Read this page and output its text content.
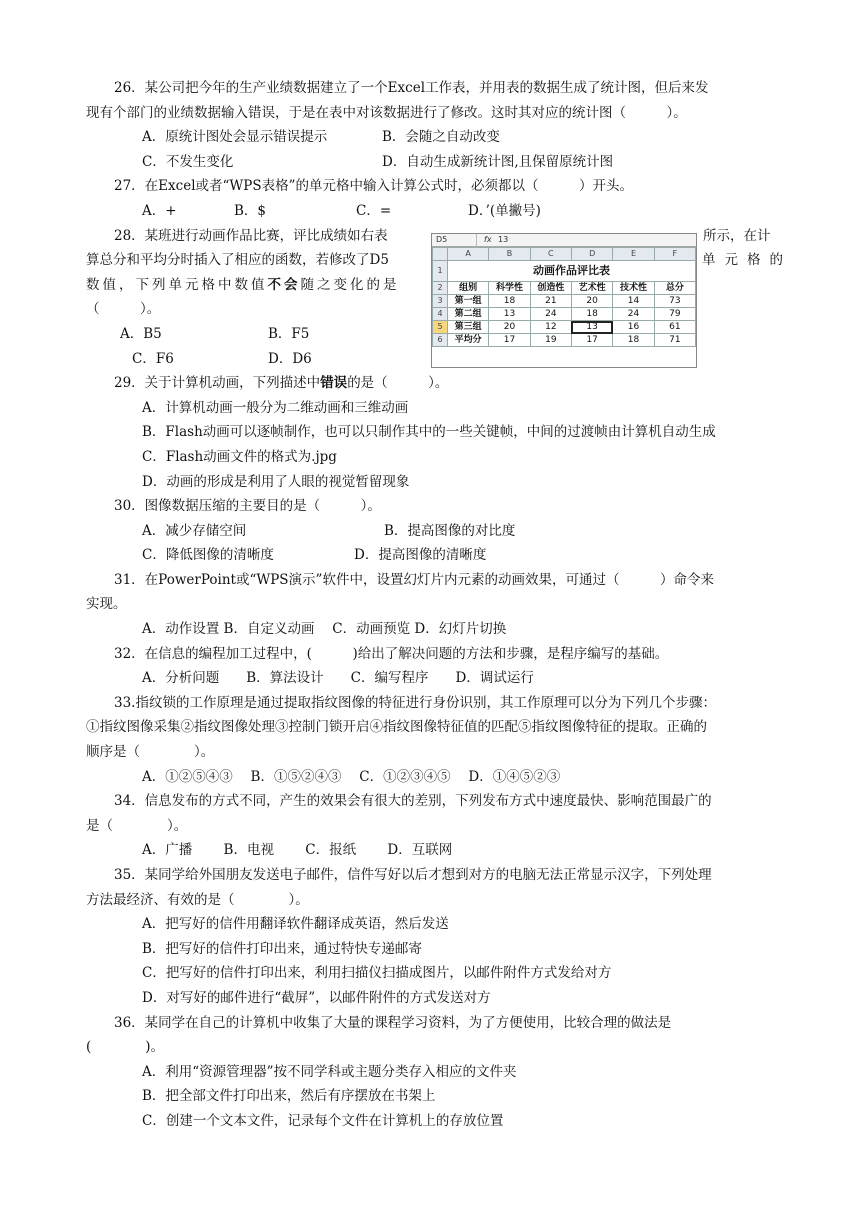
26．某公司把今年的生产业绩数据建立了一个Excel工作表，并用表的数据生成了统计图，但后来发
现有个部门的业绩数据输入错误，于是在表中对该数据进行了修改。这时其对应的统计图（　　　）。
A．原统计图处会显示错误提示	B．会随之自动改变
C．不发生变化	D．自动生成新统计图,且保留原统计图
27．在Excel或者“WPS表格”的单元格中输入计算公式时，必须都以（　　　）开头。
A．+	B．$	C．=	D．’(单撇号)
28．某班进行动画作品比赛，评比成绩如右表	所示，在计
算总分和平均分时插入了相应的函数，若修改了D5	单元格的
数值，下列单元格中数值不会随之变化的是
（　　　）。
A．B5	B．F5
C．F6	D．D6
29．关于计算机动画，下列描述中错误的是（　　　）。
A．计算机动画一般分为二维动画和三维动画
B．Flash动画可以逐帧制作，也可以只制作其中的一些关键帧，中间的过渡帧由计算机自动生成
C．Flash动画文件的格式为.jpg
D．动画的形成是利用了人眼的视觉暂留现象
30．图像数据压缩的主要目的是（　　　）。
A．减少存储空间	B．提高图像的对比度
C．降低图像的清晰度	D．提高图像的清晰度
31．在PowerPoint或“WPS演示”软件中，设置幻灯片内元素的动画效果，可通过（　　　）命令来
实现。
A．动作设置 B．自定义动画　 C．动画预览 D．幻灯片切换
32．在信息的编程加工过程中，(　　　)给出了解决问题的方法和步骤，是程序编写的基础。
A．分析问题　　B．算法设计　　C．编写程序　　D．调试运行
33.指纹锁的工作原理是通过提取指纹图像的特征进行身份识别，其工作原理可以分为下列几个步骤：
①指纹图像采集②指纹图像处理③控制门锁开启④指纹图像特征值的匹配⑤指纹图像特征的提取。正确的
顺序是（　　　　）。
A．①②⑤④③　 B．①⑤②④③　 C．①②③④⑤　 D．①④⑤②③
34．信息发布的方式不同，产生的效果会有很大的差别，下列发布方式中速度最快、影响范围最广的
是（　　　　）。
A．广播　　 B．电视　　 C．报纸　　 D．互联网
35．某同学给外国朋友发送电子邮件，信件写好以后才想到对方的电脑无法正常显示汉字，下列处理
方法最经济、有效的是（　　　　）。
A．把写好的信件用翻译软件翻译成英语，然后发送
B．把写好的信件打印出来，通过特快专递邮寄
C．把写好的信件打印出来，利用扫描仪扫描成图片，以邮件附件方式发给对方
D．对写好的邮件进行“截屏”，以邮件附件的方式发送对方
36．某同学在自己的计算机中收集了大量的课程学习资料，为了方便使用，比较合理的做法是
(　　　　)。
A．利用“资源管理器”按不同学科或主题分类存入相应的文件夹
B．把全部文件打印出来，然后有序摆放在书架上
C．创建一个文本文件，记录每个文件在计算机上的存放位置
D5	fx 13
	A	B	C	D	E	F
1	动画作品评比表					
2	组别	科学性	创造性	艺术性	技术性	总分
3	第一组	18	21	20	14	73
4	第二组	13	24	18	24	79
5	第三组	20	12	13	16	61
6	平均分	17	19	17	18	71
